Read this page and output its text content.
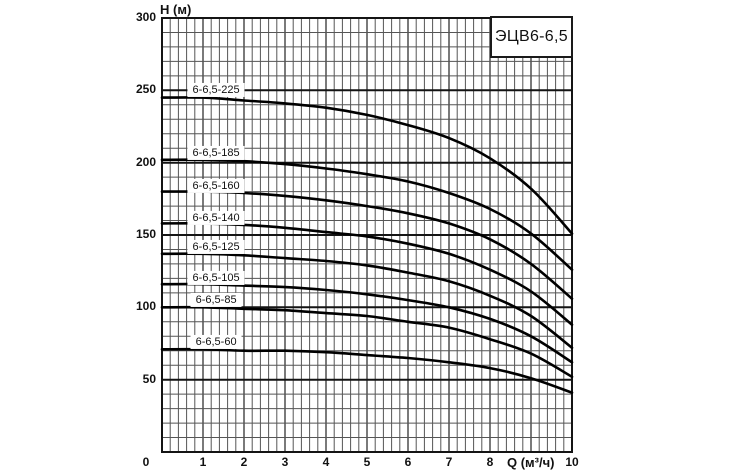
H (м)
Q (м³/ч)
300
250
200
150
100
50
0	1	2	3	4	5	6	7	8	10
6-6,5-225
6-6,5-185
6-6,5-160
6-6,5-140
6-6,5-125
6-6,5-105
6-6,5-85
6-6,5-60
ЭЦВ6-6,5
